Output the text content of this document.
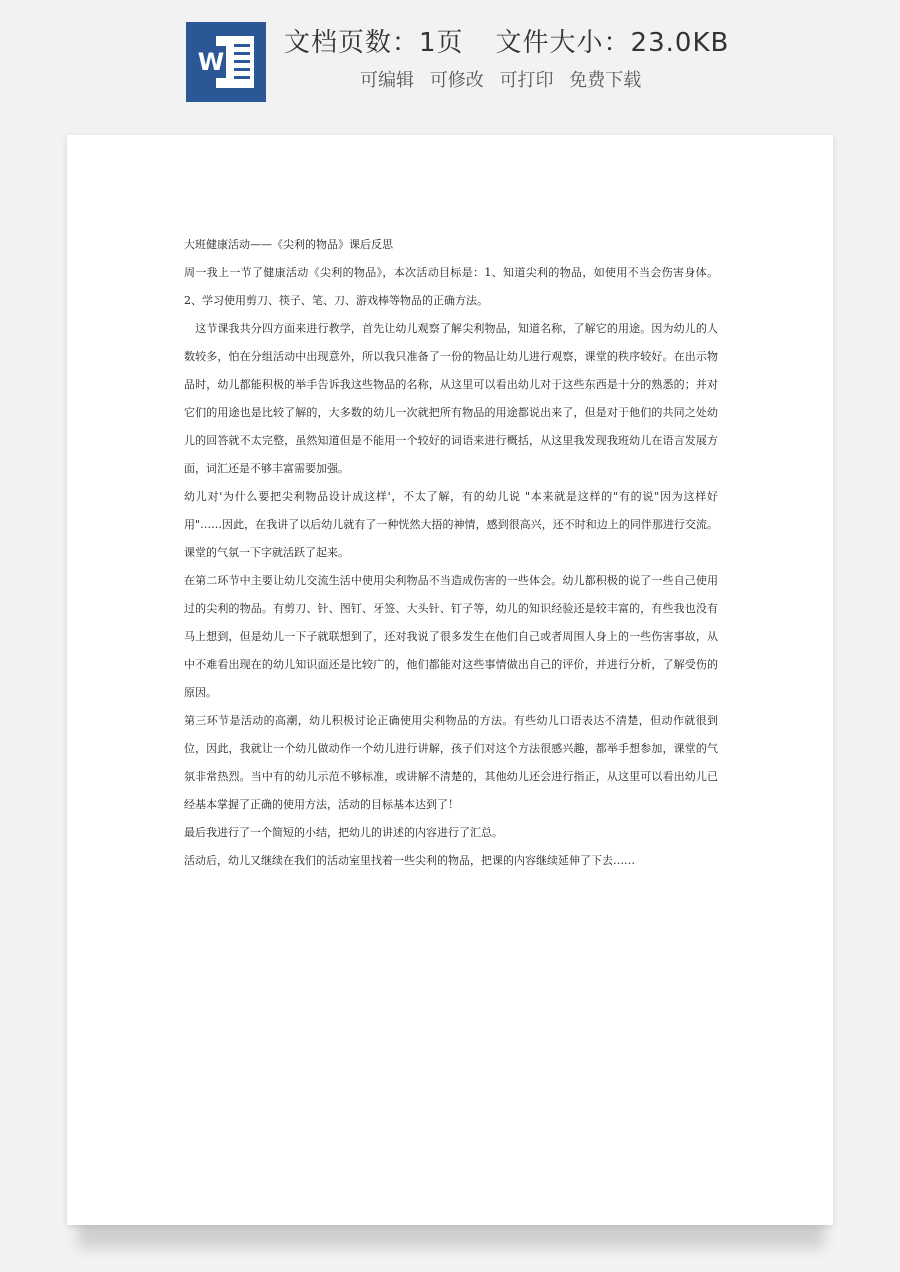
W
文档页数：1页 文件大小：23.0KB
可编辑 可修改 可打印 免费下载

大班健康活动——《尖利的物品》课后反思

周一我上一节了健康活动《尖利的物品》，本次活动目标是：1、知道尖利的物品，如使用不当会伤害身体。2、学习使用剪刀、筷子、笔、刀、游戏棒等物品的正确方法。

　这节课我共分四方面来进行教学，首先让幼儿观察了解尖利物品，知道名称，了解它的用途。因为幼儿的人数较多，怕在分组活动中出现意外，所以我只准备了一份的物品让幼儿进行观察，课堂的秩序较好。在出示物品时，幼儿都能积极的举手告诉我这些物品的名称，从这里可以看出幼儿对于这些东西是十分的熟悉的；并对它们的用途也是比较了解的，大多数的幼儿一次就把所有物品的用途都说出来了，但是对于他们的共同之处幼儿的回答就不太完整，虽然知道但是不能用一个较好的词语来进行概括，从这里我发现我班幼儿在语言发展方面，词汇还是不够丰富需要加强。

幼儿对'为什么要把尖利物品设计成这样'，不太了解，有的幼儿说 "本来就是这样的"有的说"因为这样好用"……因此，在我讲了以后幼儿就有了一种恍然大捂的神情，感到很高兴，还不时和边上的同伴那进行交流。课堂的气氛一下字就活跃了起来。

在第二环节中主要让幼儿交流生活中使用尖利物品不当造成伤害的一些体会。幼儿都积极的说了一些自己使用过的尖利的物品。有剪刀、针、图钉、牙签、大头针、钉子等，幼儿的知识经验还是较丰富的，有些我也没有马上想到，但是幼儿一下子就联想到了，还对我说了很多发生在他们自己或者周围人身上的一些伤害事故，从中不难看出现在的幼儿知识面还是比较广的，他们都能对这些事情做出自己的评价，并进行分析，了解受伤的原因。

第三环节是活动的高潮，幼儿积极讨论正确使用尖利物品的方法。有些幼儿口语表达不清楚，但动作就很到位，因此，我就让一个幼儿做动作一个幼儿进行讲解，孩子们对这个方法很感兴趣，都举手想参加，课堂的气氛非常热烈。当中有的幼儿示范不够标准，或讲解不清楚的，其他幼儿还会进行指正，从这里可以看出幼儿已经基本掌握了正确的使用方法，活动的目标基本达到了！

最后我进行了一个简短的小结，把幼儿的讲述的内容进行了汇总。

活动后，幼儿又继续在我们的活动室里找着一些尖利的物品，把课的内容继续延伸了下去……
